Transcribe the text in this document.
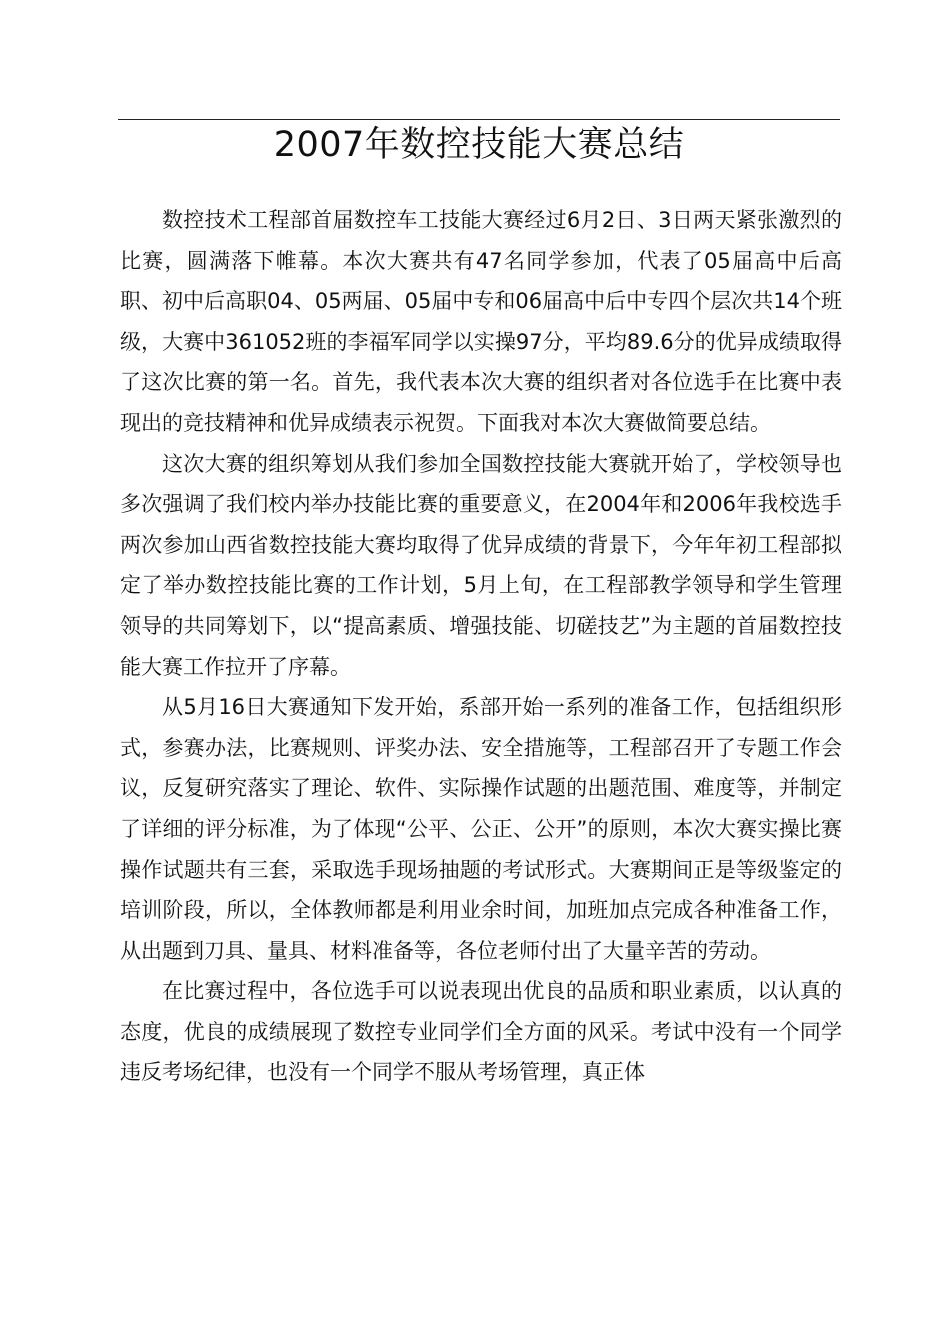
2007年数控技能大赛总结

数控技术工程部首届数控车工技能大赛经过6月2日、3日两天紧张激烈的比赛，圆满落下帷幕。本次大赛共有47名同学参加，代表了05届高中后高职、初中后高职04、05两届、05届中专和06届高中后中专四个层次共14个班级，大赛中361052班的李福军同学以实操97分，平均89.6分的优异成绩取得了这次比赛的第一名。首先，我代表本次大赛的组织者对各位选手在比赛中表现出的竞技精神和优异成绩表示祝贺。下面我对本次大赛做简要总结。

这次大赛的组织筹划从我们参加全国数控技能大赛就开始了，学校领导也多次强调了我们校内举办技能比赛的重要意义，在2004年和2006年我校选手两次参加山西省数控技能大赛均取得了优异成绩的背景下，今年年初工程部拟定了举办数控技能比赛的工作计划，5月上旬，在工程部教学领导和学生管理领导的共同筹划下，以“提高素质、增强技能、切磋技艺”为主题的首届数控技能大赛工作拉开了序幕。

从5月16日大赛通知下发开始，系部开始一系列的准备工作，包括组织形式，参赛办法，比赛规则、评奖办法、安全措施等，工程部召开了专题工作会议，反复研究落实了理论、软件、实际操作试题的出题范围、难度等，并制定了详细的评分标准，为了体现“公平、公正、公开”的原则，本次大赛实操比赛操作试题共有三套，采取选手现场抽题的考试形式。大赛期间正是等级鉴定的培训阶段，所以，全体教师都是利用业余时间，加班加点完成各种准备工作，从出题到刀具、量具、材料准备等，各位老师付出了大量辛苦的劳动。

在比赛过程中，各位选手可以说表现出优良的品质和职业素质，以认真的态度，优良的成绩展现了数控专业同学们全方面的风采。考试中没有一个同学违反考场纪律，也没有一个同学不服从考场管理，真正体
